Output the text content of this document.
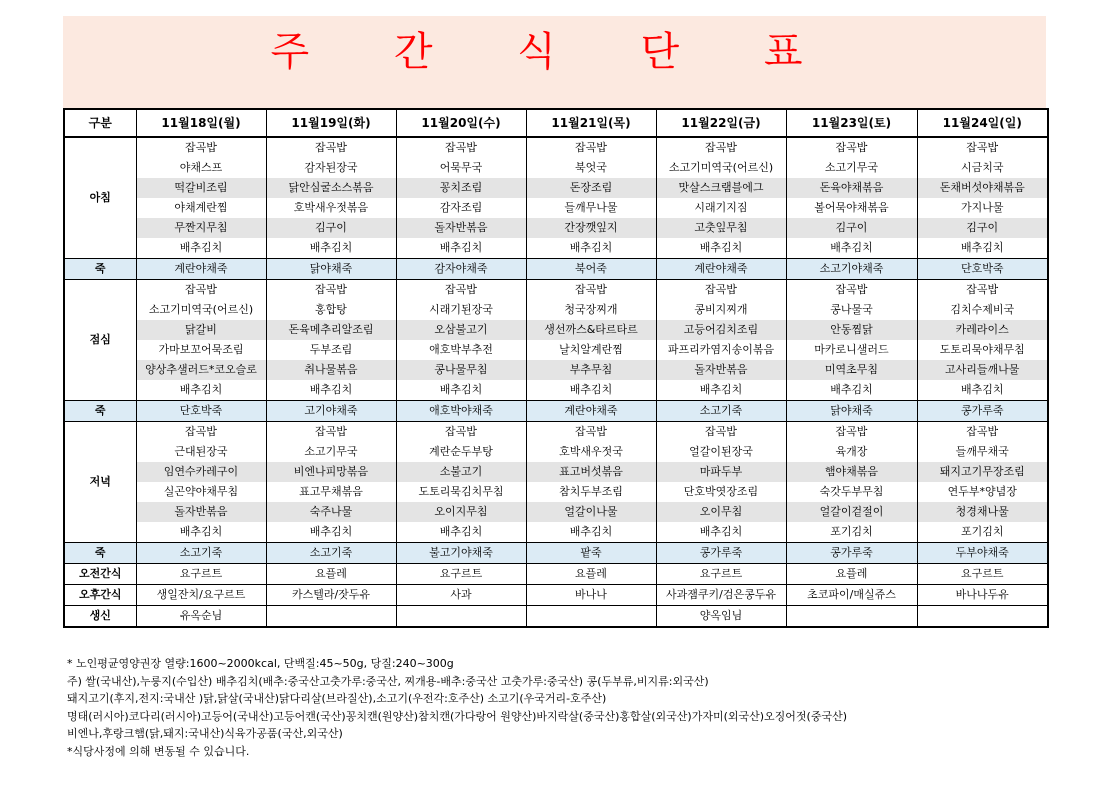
주 간 식 단 표
구분	11월18일(월)	11월19일(화)	11월20일(수)	11월21일(목)	11월22일(금)	11월23일(토)	11월24일(일)
아침	잡곡밥	잡곡밥	잡곡밥	잡곡밥	잡곡밥	잡곡밥	잡곡밥
	야채스프	감자된장국	어묵무국	북엇국	소고기미역국(어르신)	소고기무국	시금치국
	떡갈비조림	닭안심굴소스볶음	꽁치조림	돈장조림	맛살스크램블에그	돈육야채볶음	돈채버섯야채볶음
	야채계란찜	호박새우젓볶음	감자조림	들깨무나물	시래기지짐	볼어묵야채볶음	가지나물
	무짠지무침	김구이	돌자반볶음	간장깻잎지	고춧잎무침	김구이	김구이
	배추김치	배추김치	배추김치	배추김치	배추김치	배추김치	배추김치
죽	계란야채죽	닭야채죽	감자야채죽	북어죽	계란야채죽	소고기야채죽	단호박죽
점심	잡곡밥	잡곡밥	잡곡밥	잡곡밥	잡곡밥	잡곡밥	잡곡밥
	소고기미역국(어르신)	홍합탕	시래기된장국	청국장찌개	콩비지찌개	콩나물국	김치수제비국
	닭갈비	돈육메추리알조림	오삼불고기	생선까스&타르타르	고등어김치조림	안동찜닭	카레라이스
	가마보꼬어묵조림	두부조림	애호박부추전	날치알계란찜	파프리카염지송이볶음	마카로니샐러드	도토리묵야채무침
	양상추샐러드*코오슬로	취나물볶음	콩나물무침	부추무침	돌자반볶음	미역초무침	고사리들깨나물
	배추김치	배추김치	배추김치	배추김치	배추김치	배추김치	배추김치
죽	단호박죽	고기야채죽	애호박야채죽	계란야채죽	소고기죽	닭야채죽	콩가루죽
저녁	잡곡밥	잡곡밥	잡곡밥	잡곡밥	잡곡밥	잡곡밥	잡곡밥
	근대된장국	소고기무국	계란순두부탕	호박새우젓국	얼갈이된장국	육개장	들깨무채국
	임연수카레구이	비엔나피망볶음	소불고기	표고버섯볶음	마파두부	햄야채볶음	돼지고기무장조림
	실곤약야채무침	표고무채볶음	도토리묵김치무침	참치두부조림	단호박엿장조림	숙갓두부무침	연두부*양념장
	돌자반볶음	숙주나물	오이지무침	얼갈이나물	오이무침	얼갈이겉절이	청경채나물
	배추김치	배추김치	배추김치	배추김치	배추김치	포기김치	포기김치
죽	소고기죽	소고기죽	불고기야채죽	팥죽	콩가루죽	콩가루죽	두부야채죽
오전간식	요구르트	요플레	요구르트	요플레	요구르트	요플레	요구르트
오후간식	생일잔치/요구르트	카스텔라/잣두유	사과	바나나	사과잼쿠키/검은콩두유	초코파이/매실쥬스	바나나두유
생신	유옥순님				양옥임님		
* 노인평균영양권장 열량:1600~2000kcal, 단백질:45~50g, 당질:240~300g
주) 쌀(국내산),누룽지(수입산) 배추김치(배추:중국산고춧가루:중국산, 찌개용-배추:중국산 고춧가루:중국산) 콩(두부류,비지류:외국산)
돼지고기(후지,전지:국내산 )닭,닭살(국내산)닭다리살(브라질산),소고기(우전각:호주산) 소고기(우국거리-호주산)
명태(러시아)코다리(러시아)고등어(국내산)고등어캔(국산)꽁치캔(원양산)참치캔(가다랑어 원양산)바지락살(중국산)홍합살(외국산)가자미(외국산)오징어젓(중국산)
비엔나,후랑크햄(닭,돼지:국내산)식육가공품(국산,외국산)
*식당사정에 의해 변동될 수 있습니다.
